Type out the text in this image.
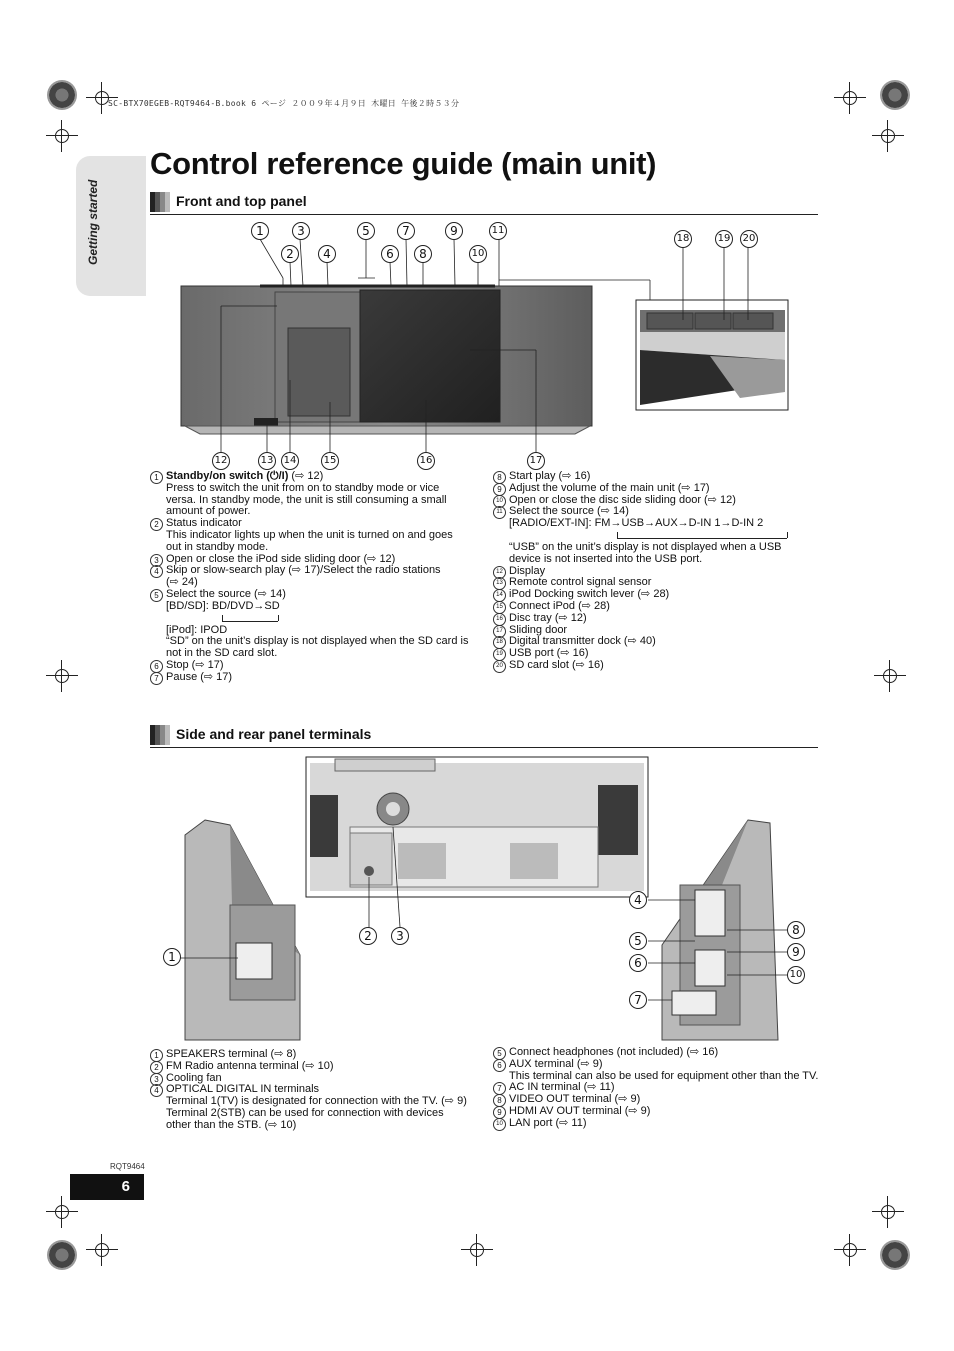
SC-BTX70EGEB-RQT9464-B.book 6 ページ ２００９年４月９日 木曜日 午後２時５３分
Getting started
Control reference guide (main unit)
Front and top panel
1	3	5	7	9	11
2	4	6	8	10
18	19 20
12	13 14	15	16	17
1 Standby/on switch (⏻/I) (⇨ 12)
Press to switch the unit from on to standby mode or vice
versa. In standby mode, the unit is still consuming a small
amount of power.
2 Status indicator
This indicator lights up when the unit is turned on and goes
out in standby mode.
3 Open or close the iPod side sliding door (⇨ 12)
4 Skip or slow-search play (⇨ 17)/Select the radio stations
(⇨ 24)
5 Select the source (⇨ 14)
[BD/SD]: BD/DVD→SD
[iPod]: IPOD
“SD” on the unit’s display is not displayed when the SD card is
not in the SD card slot.
6 Stop (⇨ 17)
7 Pause (⇨ 17)
8 Start play (⇨ 16)
9 Adjust the volume of the main unit (⇨ 17)
10 Open or close the disc side sliding door (⇨ 12)
11 Select the source (⇨ 14)
[RADIO/EXT-IN]: FM→USB→AUX→D-IN 1→D-IN 2
“USB” on the unit’s display is not displayed when a USB
device is not inserted into the USB port.
12 Display
13 Remote control signal sensor
14 iPod Docking switch lever (⇨ 28)
15 Connect iPod (⇨ 28)
16 Disc tray (⇨ 12)
17 Sliding door
18 Digital transmitter dock (⇨ 40)
19 USB port (⇨ 16)
20 SD card slot (⇨ 16)
Side and rear panel terminals
1
2	3
4
5
6
7
8
9
10
1 SPEAKERS terminal (⇨ 8)
2 FM Radio antenna terminal (⇨ 10)
3 Cooling fan
4 OPTICAL DIGITAL IN terminals
Terminal 1(TV) is designated for connection with the TV. (⇨ 9)
Terminal 2(STB) can be used for connection with devices
other than the STB. (⇨ 10)
5 Connect headphones (not included) (⇨ 16)
6 AUX terminal (⇨ 9)
This terminal can also be used for equipment other than the TV.
7 AC IN terminal (⇨ 11)
8 VIDEO OUT terminal (⇨ 9)
9 HDMI AV OUT terminal (⇨ 9)
10 LAN port (⇨ 11)
RQT9464
6
